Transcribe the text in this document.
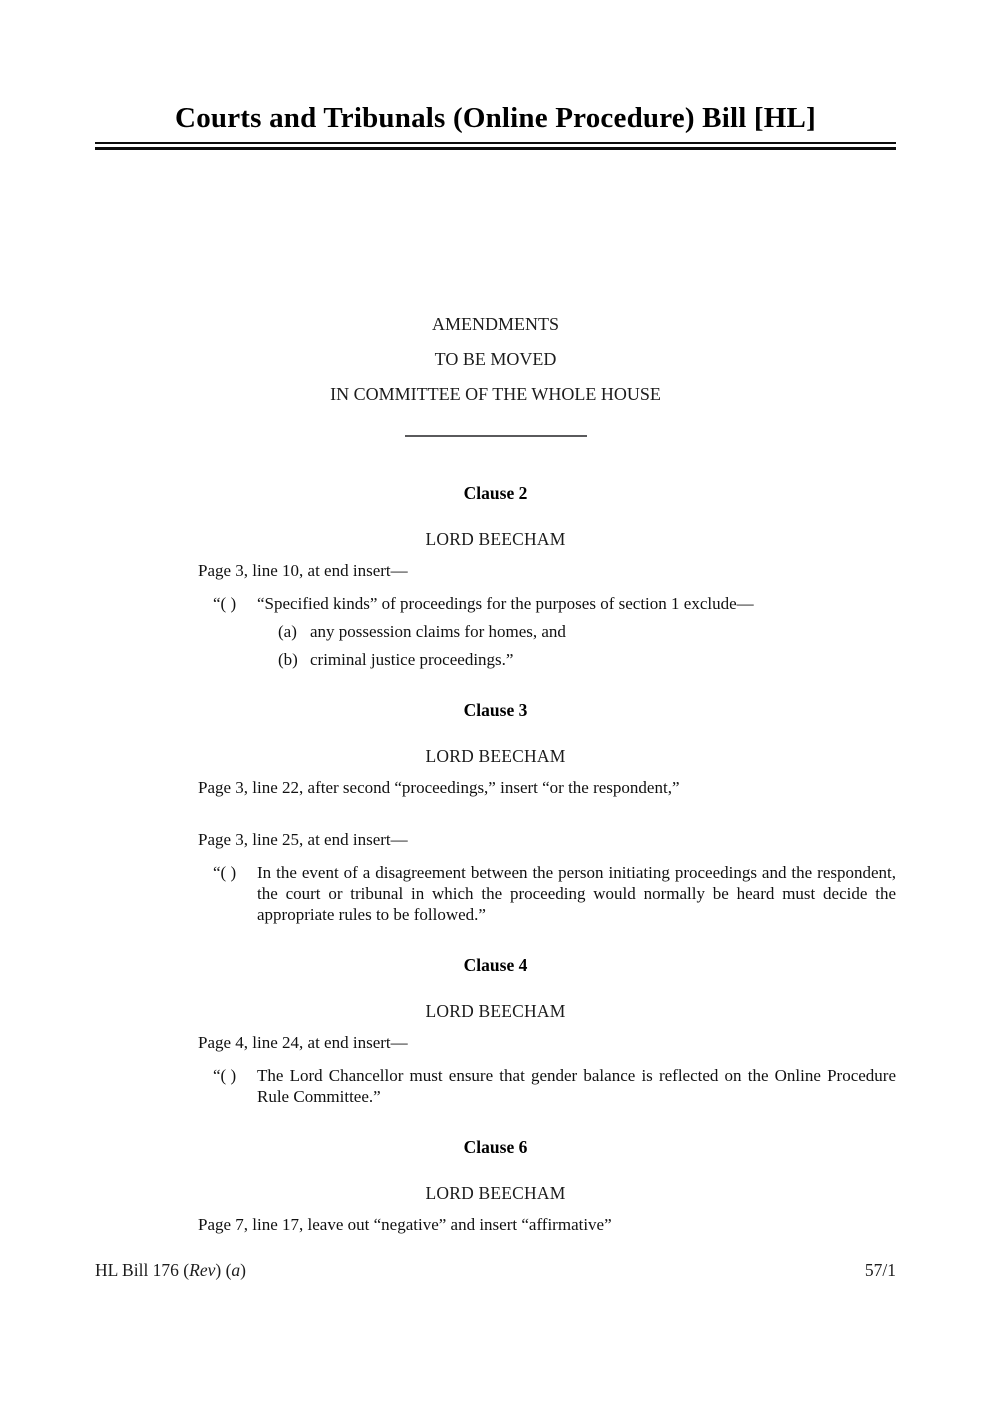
Courts and Tribunals (Online Procedure) Bill [HL]
AMENDMENTS
TO BE MOVED
IN COMMITTEE OF THE WHOLE HOUSE
Clause 2
LORD BEECHAM
Page 3, line 10, at end insert—
“( )	“Specified kinds” of proceedings for the purposes of section 1 exclude—
(a) any possession claims for homes, and
(b) criminal justice proceedings.”
Clause 3
LORD BEECHAM
Page 3, line 22, after second “proceedings,” insert “or the respondent,”
Page 3, line 25, at end insert—
“( )	In the event of a disagreement between the person initiating proceedings and the respondent, the court or tribunal in which the proceeding would normally be heard must decide the appropriate rules to be followed.”
Clause 4
LORD BEECHAM
Page 4, line 24, at end insert—
“( )	The Lord Chancellor must ensure that gender balance is reflected on the Online Procedure Rule Committee.”
Clause 6
LORD BEECHAM
Page 7, line 17, leave out “negative” and insert “affirmative”
HL Bill 176 (Rev) (a)	57/1
